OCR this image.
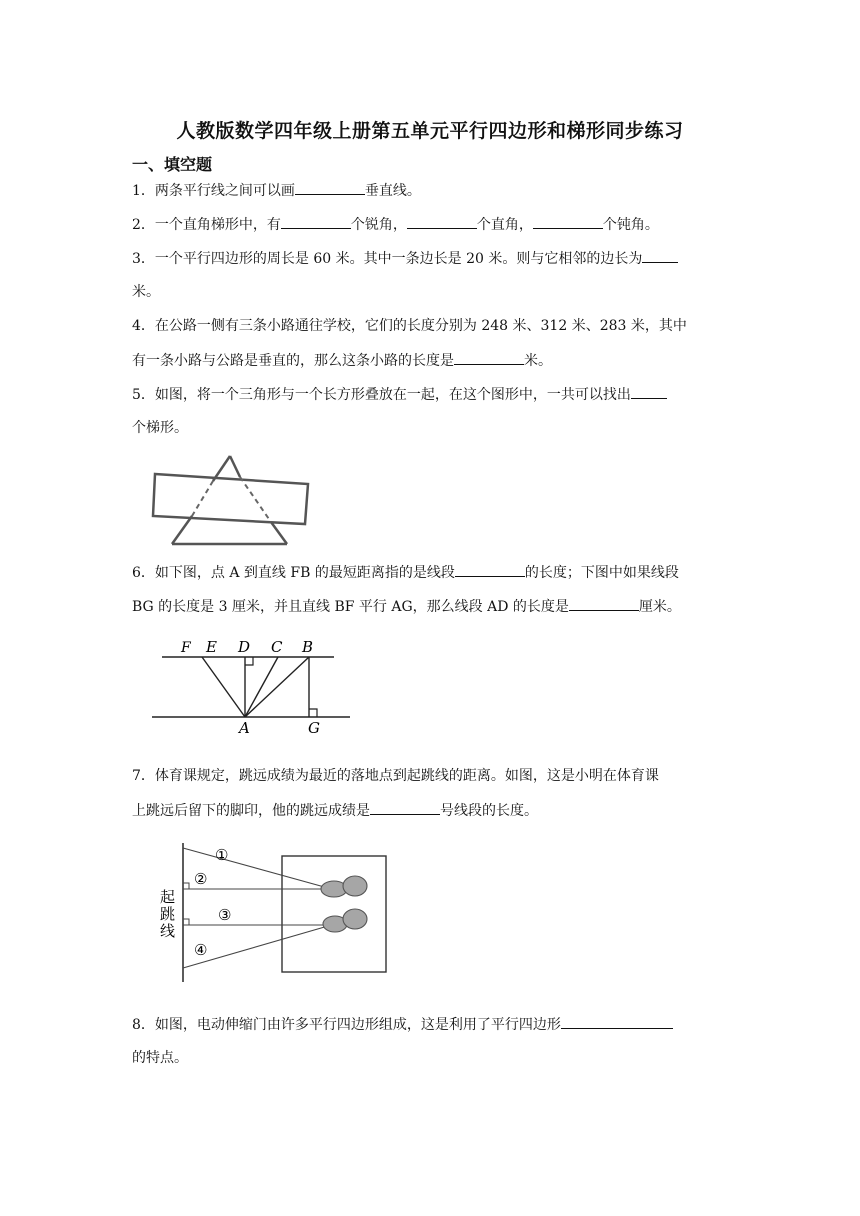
人教版数学四年级上册第五单元平行四边形和梯形同步练习
一、填空题
1．两条平行线之间可以画	垂直线。
2．一个直角梯形中，有	个锐角，	个直角，	个钝角。
3．一个平行四边形的周长是 60 米。其中一条边长是 20 米。则与它相邻的边长为
米。
4．在公路一侧有三条小路通往学校，它们的长度分别为 248 米、312 米、283 米，其中
有一条小路与公路是垂直的，那么这条小路的长度是	米。
5．如图，将一个三角形与一个长方形叠放在一起，在这个图形中，一共可以找出
个梯形。
6．如下图，点 A 到直线 FB 的最短距离指的是线段	的长度；下图中如果线段
BG 的长度是 3 厘米，并且直线 BF 平行 AG，那么线段 AD 的长度是	厘米。
F E D C B
A	G
7．体育课规定，跳远成绩为最近的落地点到起跳线的距离。如图，这是小明在体育课
上跳远后留下的脚印，他的跳远成绩是	号线段的长度。
起
跳
线
①
②
③
④
8．如图，电动伸缩门由许多平行四边形组成，这是利用了平行四边形
的特点。
